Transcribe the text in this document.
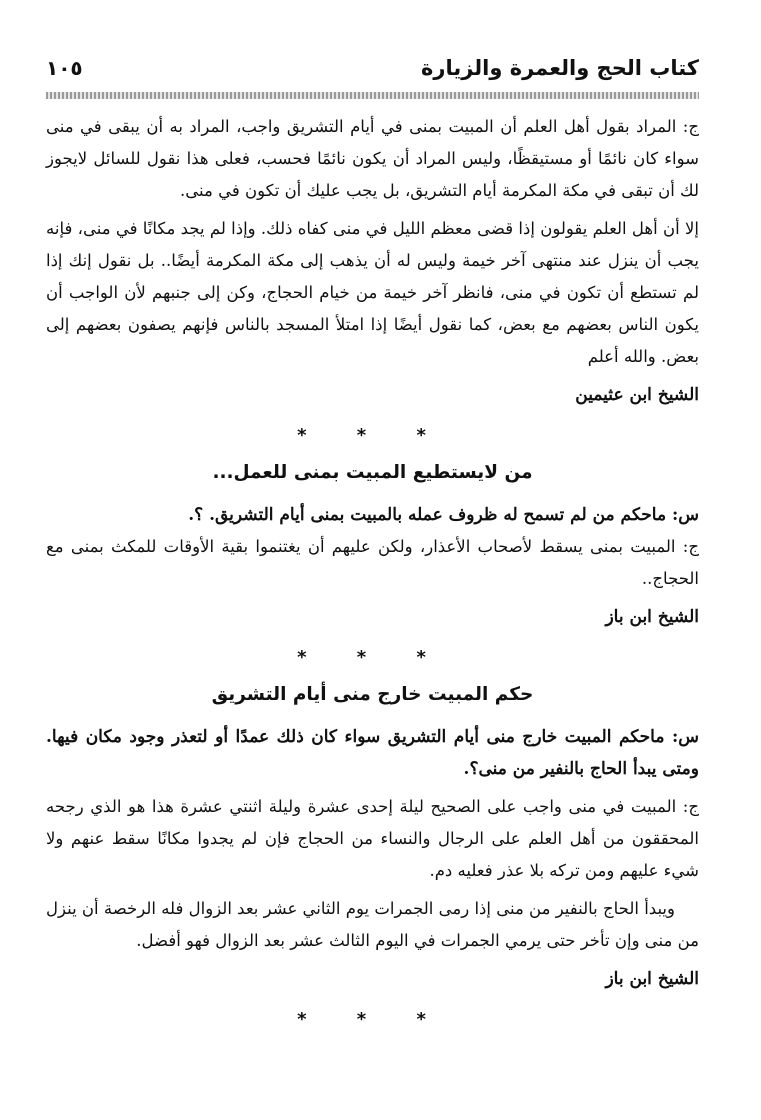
كتاب الحج والعمرة والزيارة
١٠٥

ج: المراد بقول أهل العلم أن المبيت بمنى في أيام التشريق واجب، المراد به أن يبقى في منى سواء كان نائمًا أو مستيقظًا، وليس المراد أن يكون نائمًا فحسب، فعلى هذا نقول للسائل لايجوز لك أن تبقى في مكة المكرمة أيام التشريق، بل يجب عليك أن تكون في منى.

إلا أن أهل العلم يقولون إذا قضى معظم الليل في منى كفاه ذلك. وإذا لم يجد مكانًا في منى، فإنه يجب أن ينزل عند منتهى آخر خيمة وليس له أن يذهب إلى مكة المكرمة أيضًا.. بل نقول إنك إذا لم تستطع أن تكون في منى، فانظر آخر خيمة من خيام الحجاج، وكن إلى جنبهم لأن الواجب أن يكون الناس بعضهم مع بعض، كما نقول أيضًا إذا امتلأ المسجد بالناس فإنهم يصفون بعضهم إلى بعض. والله أعلم

الشيخ ابن عثيمين
* * *
من لايستطيع المبيت بمنى للعمل...

س: ماحكم من لم تسمح له ظروف عمله بالمبيت بمنى أيام التشريق. ؟.

ج: المبيت بمنى يسقط لأصحاب الأعذار، ولكن عليهم أن يغتنموا بقية الأوقات للمكث بمنى مع الحجاج..

الشيخ ابن باز
* * *
حكم المبيت خارج منى أيام التشريق

س: ماحكم المبيت خارج منى أيام التشريق سواء كان ذلك عمدًا أو لتعذر وجود مكان فيها. ومتى يبدأ الحاج بالنفير من منى؟.

ج: المبيت في منى واجب على الصحيح ليلة إحدى عشرة وليلة اثنتي عشرة هذا هو الذي رجحه المحققون من أهل العلم على الرجال والنساء من الحجاج فإن لم يجدوا مكانًا سقط عنهم ولا شيء عليهم ومن تركه بلا عذر فعليه دم.

ويبدأ الحاج بالنفير من منى إذا رمى الجمرات يوم الثاني عشر بعد الزوال فله الرخصة أن ينزل من منى وإن تأخر حتى يرمي الجمرات في اليوم الثالث عشر بعد الزوال فهو أفضل.

الشيخ ابن باز
* * *
